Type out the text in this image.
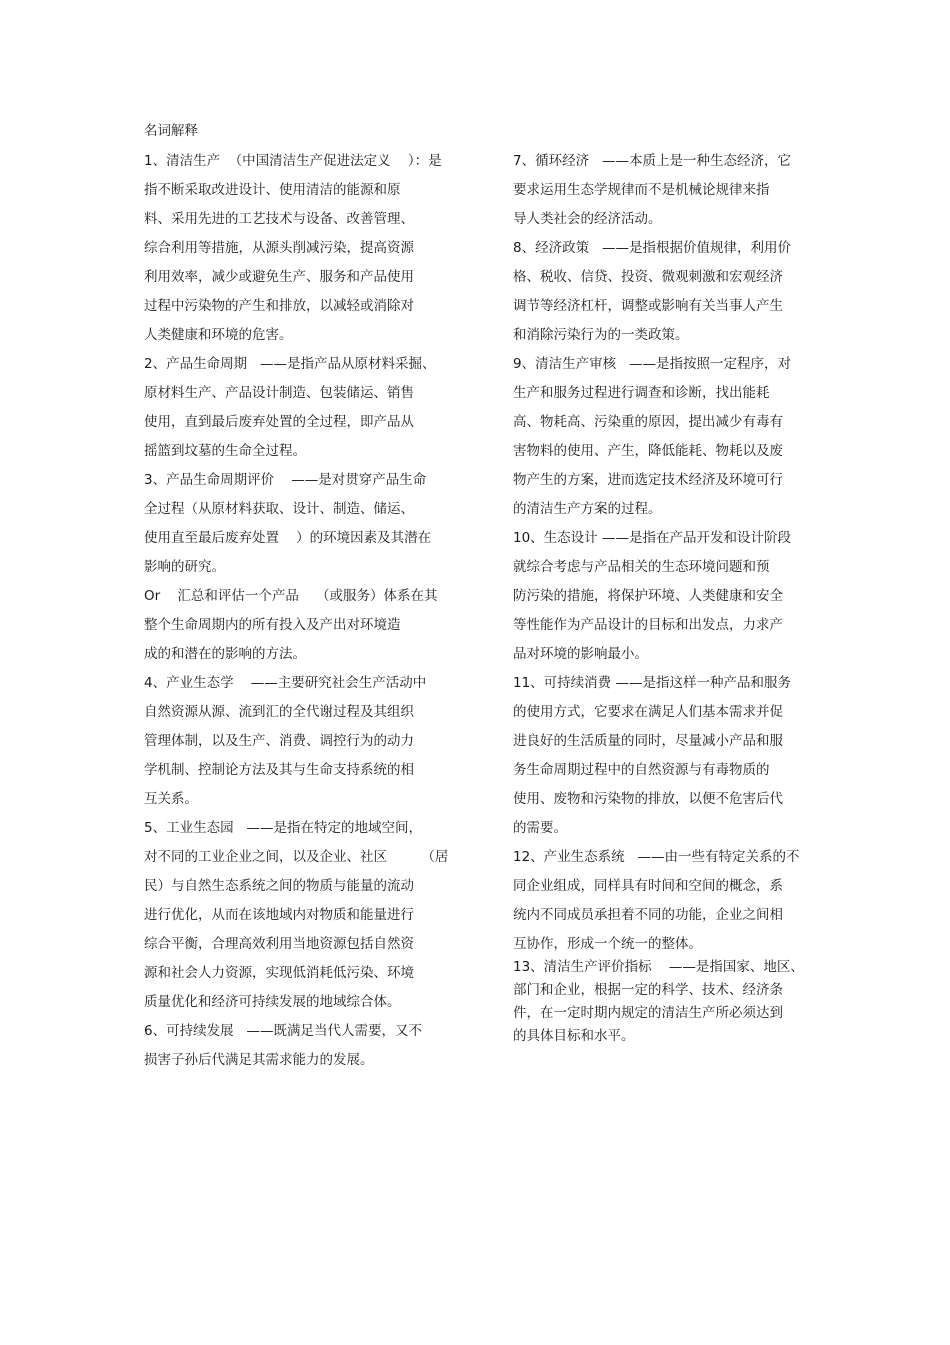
名词解释
1、清洁生产  （中国清洁生产促进法定义    ）：是
指不断采取改进设计、使用清洁的能源和原
料、采用先进的工艺技术与设备、改善管理、
综合利用等措施，从源头削减污染，提高资源
利用效率，减少或避免生产、服务和产品使用
过程中污染物的产生和排放，以减轻或消除对
人类健康和环境的危害。
2、产品生命周期   ——是指产品从原材料采掘、
原材料生产、产品设计制造、包装储运、销售
使用，直到最后废弃处置的全过程，即产品从
摇篮到坟墓的生命全过程。
3、产品生命周期评价    ——是对贯穿产品生命
全过程（从原材料获取、设计、制造、储运、
使用直至最后废弃处置    ）的环境因素及其潜在
影响的研究。
Or    汇总和评估一个产品    （或服务）体系在其
整个生命周期内的所有投入及产出对环境造
成的和潜在的影响的方法。
4、产业生态学    ——主要研究社会生产活动中
自然资源从源、流到汇的全代谢过程及其组织
管理体制，以及生产、消费、调控行为的动力
学机制、控制论方法及其与生命支持系统的相
互关系。
5、工业生态园   ——是指在特定的地域空间，
对不同的工业企业之间，以及企业、社区        （居
民）与自然生态系统之间的物质与能量的流动
进行优化，从而在该地域内对物质和能量进行
综合平衡，合理高效利用当地资源包括自然资
源和社会人力资源，实现低消耗低污染、环境
质量优化和经济可持续发展的地域综合体。
6、可持续发展   ——既满足当代人需要，又不
损害子孙后代满足其需求能力的发展。
7、循环经济   ——本质上是一种生态经济，它
要求运用生态学规律而不是机械论规律来指
导人类社会的经济活动。
8、经济政策   ——是指根据价值规律，利用价
格、税收、信贷、投资、微观刺激和宏观经济
调节等经济杠杆，调整或影响有关当事人产生
和消除污染行为的一类政策。
9、清洁生产审核   ——是指按照一定程序，对
生产和服务过程进行调查和诊断，找出能耗
高、物耗高、污染重的原因，提出减少有毒有
害物料的使用、产生，降低能耗、物耗以及废
物产生的方案，进而选定技术经济及环境可行
的清洁生产方案的过程。
10、生态设计 ——是指在产品开发和设计阶段
就综合考虑与产品相关的生态环境问题和预
防污染的措施，将保护环境、人类健康和安全
等性能作为产品设计的目标和出发点，力求产
品对环境的影响最小。
11、可持续消费 ——是指这样一种产品和服务
的使用方式，它要求在满足人们基本需求并促
进良好的生活质量的同时，尽量减小产品和服
务生命周期过程中的自然资源与有毒物质的
使用、废物和污染物的排放，以便不危害后代
的需要。
12、产业生态系统   ——由一些有特定关系的不
同企业组成，同样具有时间和空间的概念，系
统内不同成员承担着不同的功能，企业之间相
互协作，形成一个统一的整体。
13、清洁生产评价指标    ——是指国家、地区、
部门和企业，根据一定的科学、技术、经济条
件，在一定时期内规定的清洁生产所必须达到
的具体目标和水平。
